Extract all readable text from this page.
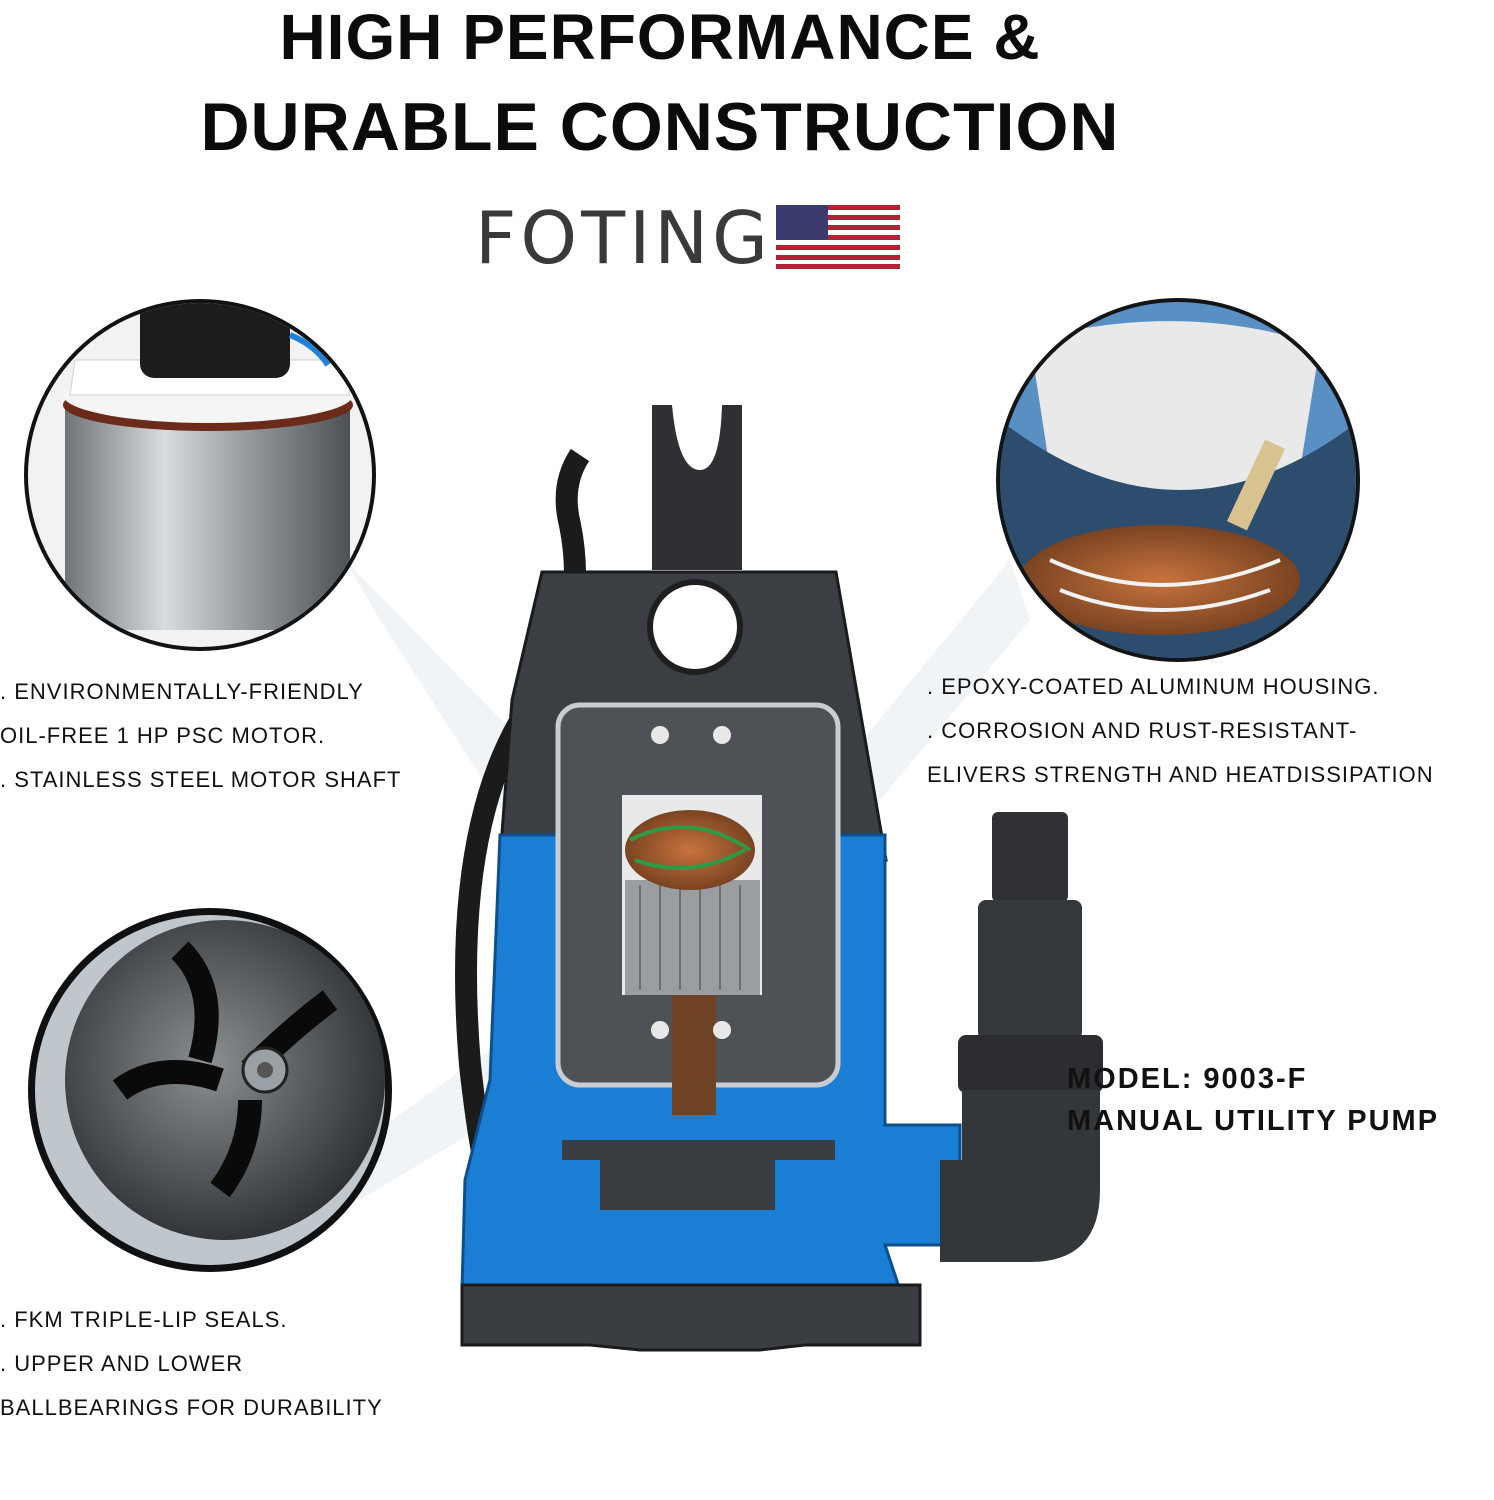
HIGH PERFORMANCE &
DURABLE CONSTRUCTION
FOTING
. ENVIRONMENTALLY-FRIENDLY
OIL-FREE 1 HP PSC MOTOR.
. STAINLESS STEEL MOTOR SHAFT
. EPOXY-COATED ALUMINUM HOUSING.
. CORROSION AND RUST-RESISTANT-
ELIVERS STRENGTH AND HEATDISSIPATION
. FKM TRIPLE-LIP SEALS.
. UPPER AND LOWER
BALLBEARINGS FOR DURABILITY
MODEL: 9003-F
MANUAL UTILITY PUMP
